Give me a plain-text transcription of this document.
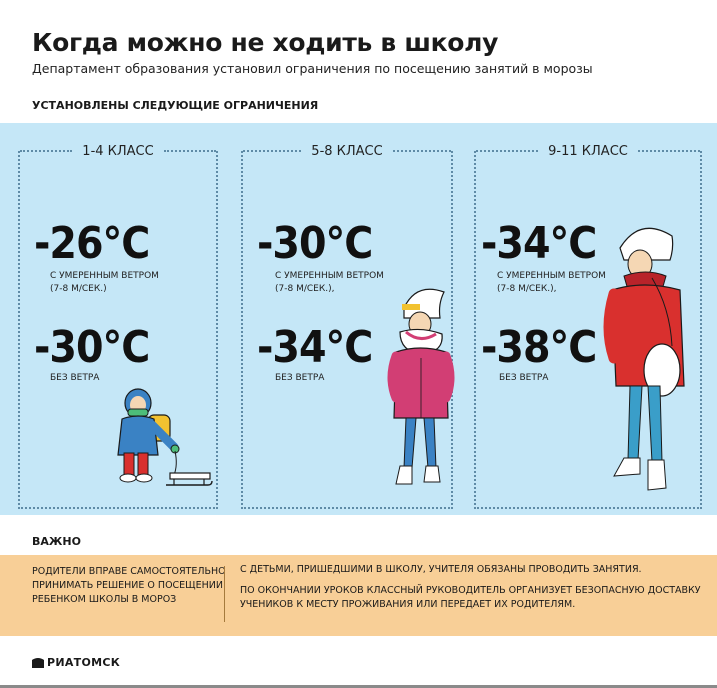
Когда можно не ходить в школу
Департамент образования установил ограничения по посещению занятий в морозы
УСТАНОВЛЕНЫ СЛЕДУЮЩИЕ ОГРАНИЧЕНИЯ
1-4 КЛАСС
-26°C
С УМЕРЕННЫМ ВЕТРОМ
(7-8 М/СЕК.)
-30°C
БЕЗ ВЕТРА
5-8 КЛАСС
-30°C
С УМЕРЕННЫМ ВЕТРОМ
(7-8 М/СЕК.),
-34°C
БЕЗ ВЕТРА
9-11 КЛАСС
-34°C
С УМЕРЕННЫМ ВЕТРОМ
(7-8 М/СЕК.),
-38°C
БЕЗ ВЕТРА
ВАЖНО
РОДИТЕЛИ ВПРАВЕ САМОСТОЯТЕЛЬНО
ПРИНИМАТЬ РЕШЕНИЕ О ПОСЕЩЕНИИ
РЕБЕНКОМ ШКОЛЫ В МОРОЗ

С ДЕТЬМИ, ПРИШЕДШИМИ В ШКОЛУ, УЧИТЕЛЯ ОБЯЗАНЫ ПРОВОДИТЬ ЗАНЯТИЯ.

ПО ОКОНЧАНИИ УРОКОВ КЛАССНЫЙ РУКОВОДИТЕЛЬ ОРГАНИЗУЕТ БЕЗОПАСНУЮ ДОСТАВКУ
УЧЕНИКОВ К МЕСТУ ПРОЖИВАНИЯ ИЛИ ПЕРЕДАЕТ ИХ РОДИТЕЛЯМ.
РИАТОМСК
